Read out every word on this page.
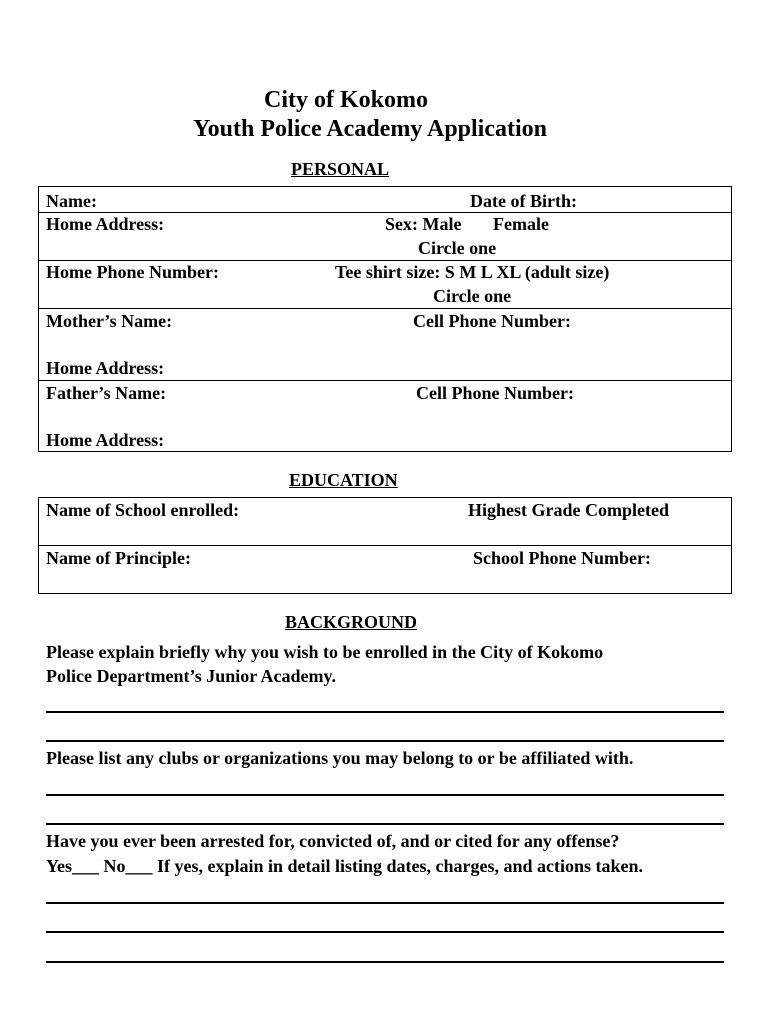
City of Kokomo
Youth Police Academy Application
PERSONAL
Name:	Date of Birth:
Home Address:	Sex: Male       Female
Circle one
Home Phone Number:	Tee shirt size: S M L XL (adult size)
Circle one
Mother’s Name:	Cell Phone Number:
Home Address:
Father’s Name:	Cell Phone Number:
Home Address:
EDUCATION
Name of School enrolled:	Highest Grade Completed
Name of Principle:	School Phone Number:
BACKGROUND
Please explain briefly why you wish to be enrolled in the City of Kokomo
Police Department’s Junior Academy.
Please list any clubs or organizations you may belong to or be affiliated with.
Have you ever been arrested for, convicted of, and or cited for any offense?
Yes___ No___ If yes, explain in detail listing dates, charges, and actions taken.
